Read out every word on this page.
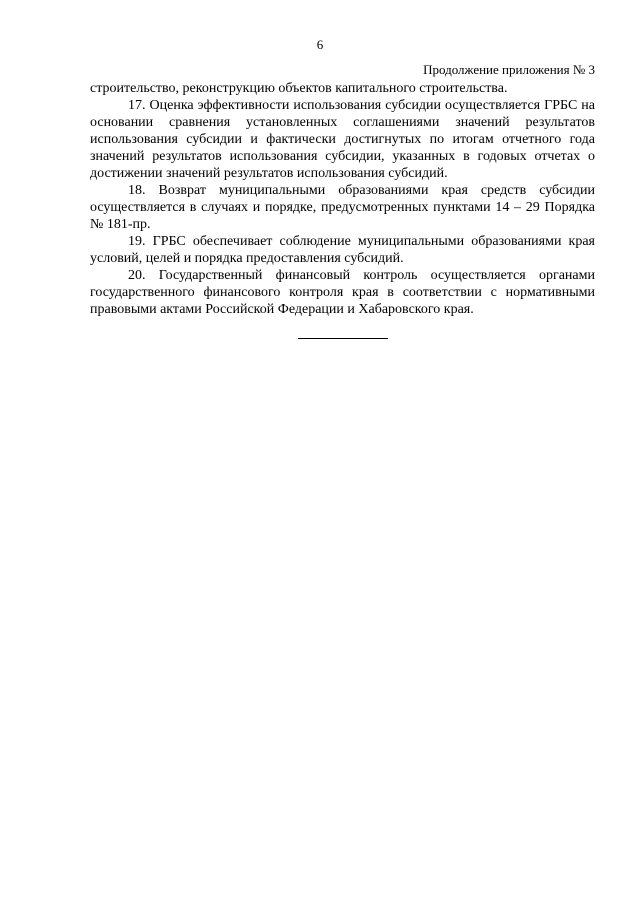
6
Продолжение приложения № 3

строительство, реконструкцию объектов капитального строительства.

17. Оценка эффективности использования субсидии осуществляется ГРБС на основании сравнения установленных соглашениями значений результатов использования субсидии и фактически достигнутых по итогам отчетного года значений результатов использования субсидии, указанных в годовых отчетах о достижении значений результатов использования субсидий.

18. Возврат муниципальными образованиями края средств субсидии осуществляется в случаях и порядке, предусмотренных пунктами 14 – 29 Порядка № 181-пр.

19. ГРБС обеспечивает соблюдение муниципальными образованиями края условий, целей и порядка предоставления субсидий.

20. Государственный финансовый контроль осуществляется органами государственного финансового контроля края в соответствии с нормативными правовыми актами Российской Федерации и Хабаровского края.
